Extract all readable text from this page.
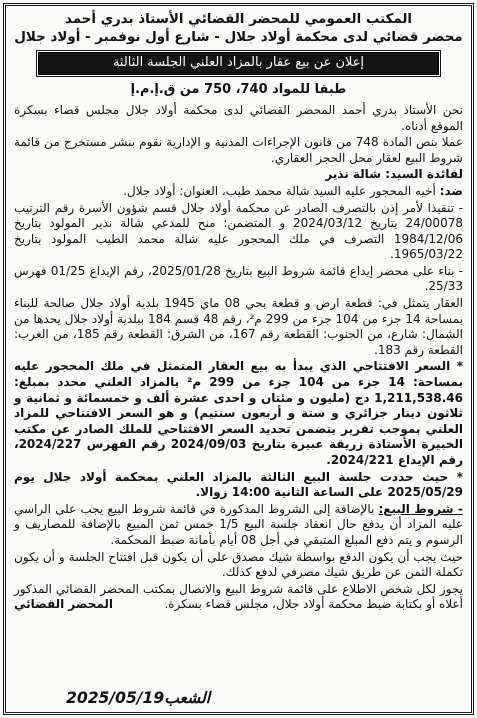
المكتب العمومي للمحضر القضائي الأستاذ بدري أحمد
محضر قضائي لدى محكمة أولاد جلال - شارع أول نوفمبر - أولاد جلال
إعلان عن بيع عقار بالمزاد العلني الجلسة الثالثة
طبقا للمواد 740، 750 من ق.إ.م.إ

نحن الأستاذ بدري أحمد المحضر القضائي لدى محكمة أولاد جلال مجلس قضاء بسكرة الموقع أدناه.

عملا بنص المادة 748 من قانون الإجراءات المدنية و الإدارية نقوم بنشر مستخرج من قائمة شروط البيع لعقار محل الحجز العقاري.

لفائدة السيد: شالة نذير

ضد: أخيه المحجور عليه السيد شالة محمد طيب، العنوان: أولاد جلال.

- تنفيذا لأمر إذن بالتصرف الصادر عن محكمة أولاد جلال قسم شؤون الأسرة رقم الترتيب 24/00078 بتاريخ 2024/03/12 و المتضمن: منح للمدعي شالة نذير المولود بتاريخ 1984/12/06 التصرف في ملك المحجور عليه شالة محمد الطيب المولود بتاريخ 1965/03/22.

- بناء على محضر إيداع قائمة شروط البيع بتاريخ 2025/01/28، رقم الإيداع 01/25 فهرس 25/33.

العقار يتمثل في: قطعة ارض و قطعة بحي 08 ماي 1945 بلدية أولاد جلال صالحة للبناء بمساحة 14 جزء من 104 جزء من 299 م²، رقم 48 قسم 184 ببلدية أولاد جلال يحدها من الشمال: شارع، من الجنوب: القطعة رقم 167، من الشرق: القطعة رقم 185، من الغرب: القطعة رقم 183.

* السعر الافتتاحي الذي يبدأ به بيع العقار المتمثل في ملك المحجور عليه بمساحة: 14 جزء من 104 جزء من 299 م² بالمزاد العلني محدد بمبلغ: 1,211,538.46 دج (مليون و مئتان و احدى عشرة ألف و خمسمائة و ثمانية و ثلاثون دينار جزائري و ستة و أربعون سنتيم) و هو السعر الافتتاحي للمزاد العلني بموجب تقرير يتضمن تحديد السعر الافتتاحي للملك الصادر عن مكتب الخبيرة الأستاذة زريقة عبيرة بتاريخ 2024/09/03 رقم الفهرس 2024/227، رقم الإيداع 2024/221.

* حيث حددت جلسة البيع الثالثة بالمزاد العلني بمحكمة أولاد جلال يوم 2025/05/29 على الساعة الثانية 14:00 زوالا.

- شروط البيع: بالإضافة إلى الشروط المذكورة في قائمة شروط البيع يجب على الراسي عليه المزاد أن يدفع حال انعقاد جلسة البيع 1/5 خمس ثمن المبيع بالإضافة للمصاريف و الرسوم و يتم دفع المبلغ المتبقي في أجل 08 أيام بأمانة ضبط المحكمة.

حيث يجب أن يكون الدفع بواسطة شيك مصدق على أن يكون قبل افتتاح الجلسة و أن يكون تكملة الثمن عن طريق شيك مصرفي لدفع كذلك.

يجوز لكل شخص الاطلاع على قائمة شروط البيع والاتصال بمكتب المحضر القضائي المذكور أعلاه أو بكتابة ضبط محكمة أولاد جلال، مجلس قضاء بسكرة.
المحضر القضائي

الشعب2025/05/19
